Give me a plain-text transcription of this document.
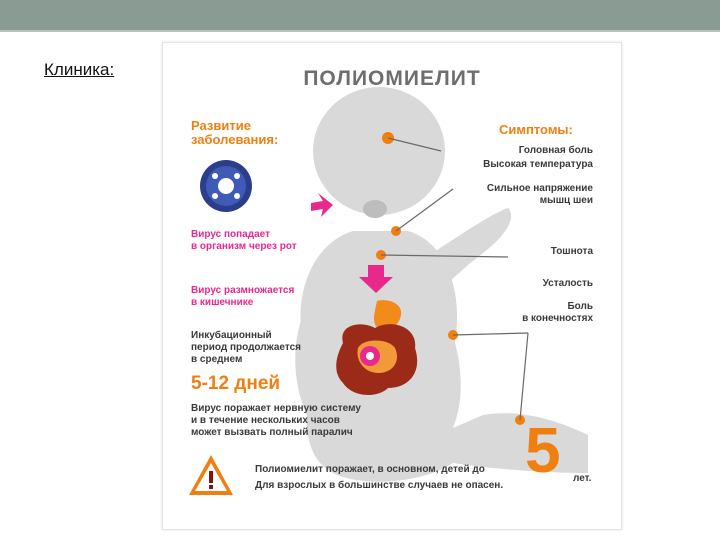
Клиника:	ПОЛИОМИЕЛИТ
Развитие
заболевания:
Симптомы:
Головная боль
Высокая температура
Сильное напряжение
мышц шеи
Тошнота
Усталость
Боль
в конечностях
Вирус попадает
в организм через рот
Вирус размножается
в кишечнике
Инкубационный
период продолжается
в среднем
5-12 дней
Вирус поражает нервную систему
и в течение нескольких часов
может вызвать полный паралич	5 лет.
Полиомиелит поражает, в основном, детей до
Для взрослых в большинстве случаев не опасен.
